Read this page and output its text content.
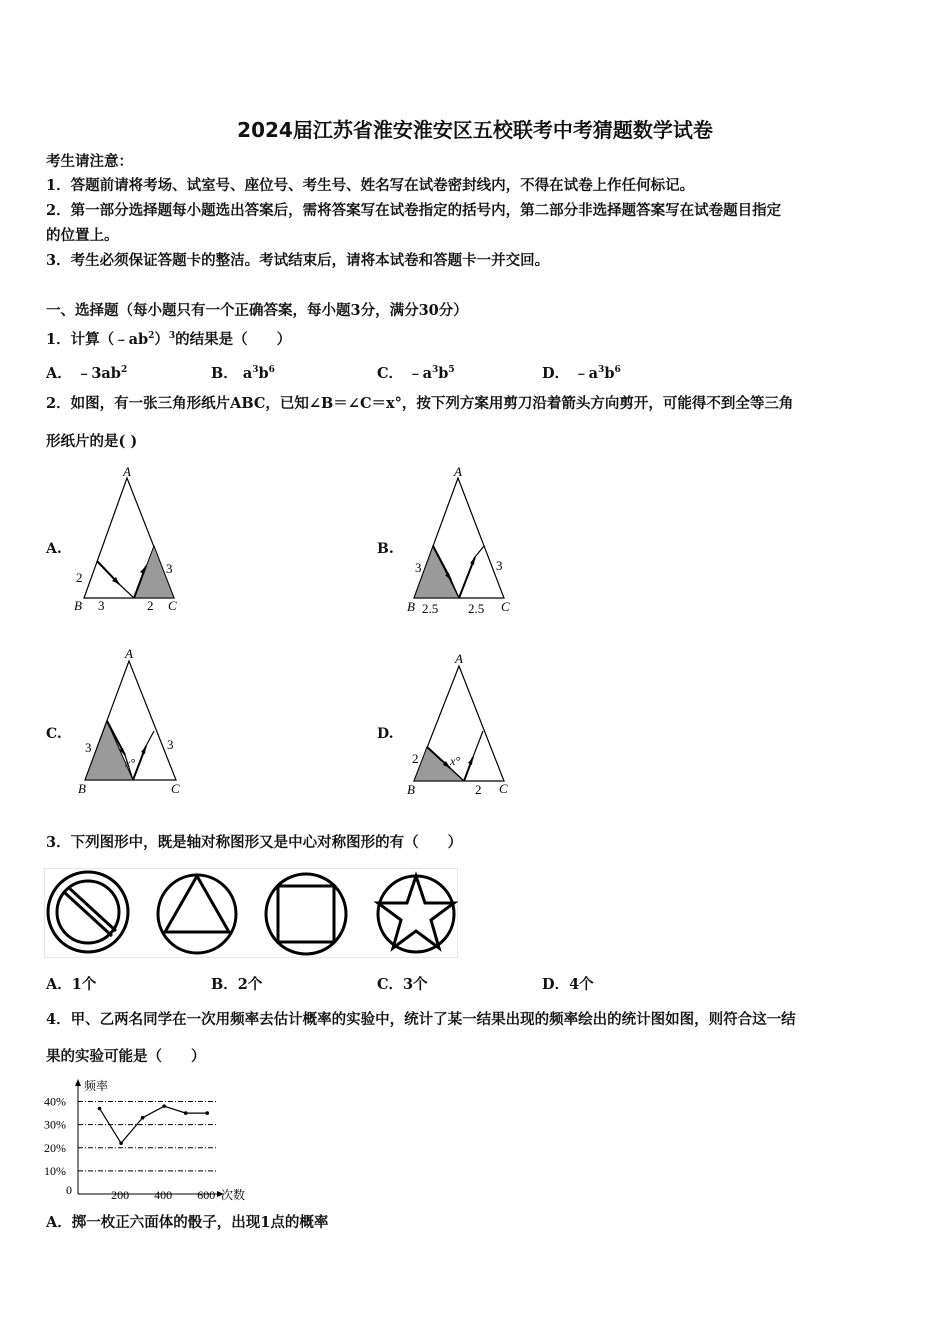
2024届江苏省淮安淮安区五校联考中考猜题数学试卷
考生请注意：
1．答题前请将考场、试室号、座位号、考生号、姓名写在试卷密封线内，不得在试卷上作任何标记。
2．第一部分选择题每小题选出答案后，需将答案写在试卷指定的括号内，第二部分非选择题答案写在试卷题目指定
的位置上。
3．考生必须保证答题卡的整洁。考试结束后，请将本试卷和答题卡一并交回。
一、选择题（每小题只有一个正确答案，每小题3分，满分30分）
1．计算$(﹣ab^2)^3$的结果是（　　）
A． $﹣3ab^2$	B． $a^3b^6$	C． $﹣a^3b^5$	D． $﹣a^3b^6$
2．如图，有一张三角形纸片ABC，已知∠B＝∠C＝x°，按下列方案用剪刀沿着箭头方向剪开，可能得不到全等三角
形纸片的是( )
A.	B.
C.	D.
A
B	C
2
3	2
3
A
B	C
3
2.5 2.5
3
A
B	C
3	3
x°
A
B	C
2
2
x°
3．下列图形中，既是轴对称图形又是中心对称图形的有（　　）
A．1个	B．2个	C．3个	D．4个
4．甲、乙两名同学在一次用频率去估计概率的实验中，统计了某一结果出现的频率绘出的统计图如图，则符合这一结
果的实验可能是（　　）
频率
次数
10%
20%
30%
40%
0	200 400 600
A．掷一枚正六面体的骰子，出现1点的概率
